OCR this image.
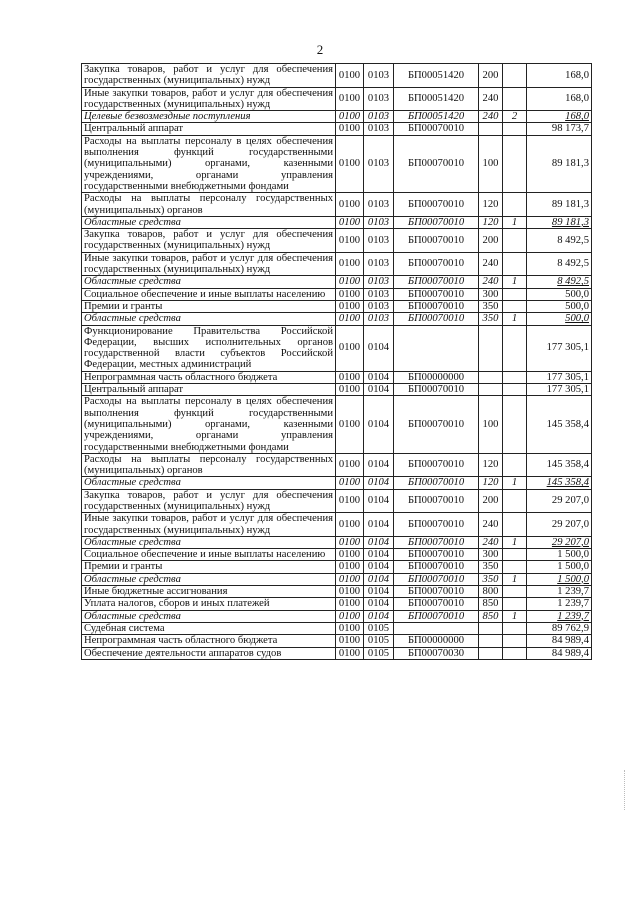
2
Закупка товаров, работ и услуг для обеспечения государственных (муниципальных) нужд	0100	0103	БП00051420	200		168,0
Иные закупки товаров, работ и услуг для обеспечения государственных (муниципальных) нужд	0100	0103	БП00051420	240		168,0
Целевые безвозмездные поступления	0100	0103	БП00051420	240	2	168,0
Центральный аппарат	0100	0103	БП00070010			98 173,7
Расходы на выплаты персоналу в целях обеспечения выполнения функций государственными (муниципальными) органами, казенными учреждениями, органами управления государственными внебюджетными фондами	0100	0103	БП00070010	100		89 181,3
Расходы на выплаты персоналу государственных (муниципальных) органов	0100	0103	БП00070010	120		89 181,3
Областные средства	0100	0103	БП00070010	120	1	89 181,3
Закупка товаров, работ и услуг для обеспечения государственных (муниципальных) нужд	0100	0103	БП00070010	200		8 492,5
Иные закупки товаров, работ и услуг для обеспечения государственных (муниципальных) нужд	0100	0103	БП00070010	240		8 492,5
Областные средства	0100	0103	БП00070010	240	1	8 492,5
Социальное обеспечение и иные выплаты населению	0100	0103	БП00070010	300		500,0
Премии и гранты	0100	0103	БП00070010	350		500,0
Областные средства	0100	0103	БП00070010	350	1	500,0
Функционирование Правительства Российской Федерации, высших исполнительных органов государственной власти субъектов Российской Федерации, местных администраций	0100	0104				177 305,1
Непрограммная часть областного бюджета	0100	0104	БП00000000			177 305,1
Центральный аппарат	0100	0104	БП00070010			177 305,1
Расходы на выплаты персоналу в целях обеспечения выполнения функций государственными (муниципальными) органами, казенными учреждениями, органами управления государственными внебюджетными фондами	0100	0104	БП00070010	100		145 358,4
Расходы на выплаты персоналу государственных (муниципальных) органов	0100	0104	БП00070010	120		145 358,4
Областные средства	0100	0104	БП00070010	120	1	145 358,4
Закупка товаров, работ и услуг для обеспечения государственных (муниципальных) нужд	0100	0104	БП00070010	200		29 207,0
Иные закупки товаров, работ и услуг для обеспечения государственных (муниципальных) нужд	0100	0104	БП00070010	240		29 207,0
Областные средства	0100	0104	БП00070010	240	1	29 207,0
Социальное обеспечение и иные выплаты населению	0100	0104	БП00070010	300		1 500,0
Премии и гранты	0100	0104	БП00070010	350		1 500,0
Областные средства	0100	0104	БП00070010	350	1	1 500,0
Иные бюджетные ассигнования	0100	0104	БП00070010	800		1 239,7
Уплата налогов, сборов и иных платежей	0100	0104	БП00070010	850		1 239,7
Областные средства	0100	0104	БП00070010	850	1	1 239,7
Судебная система	0100	0105				89 762,9
Непрограммная часть областного бюджета	0100	0105	БП00000000			84 989,4
Обеспечение деятельности аппаратов судов	0100	0105	БП00070030			84 989,4
